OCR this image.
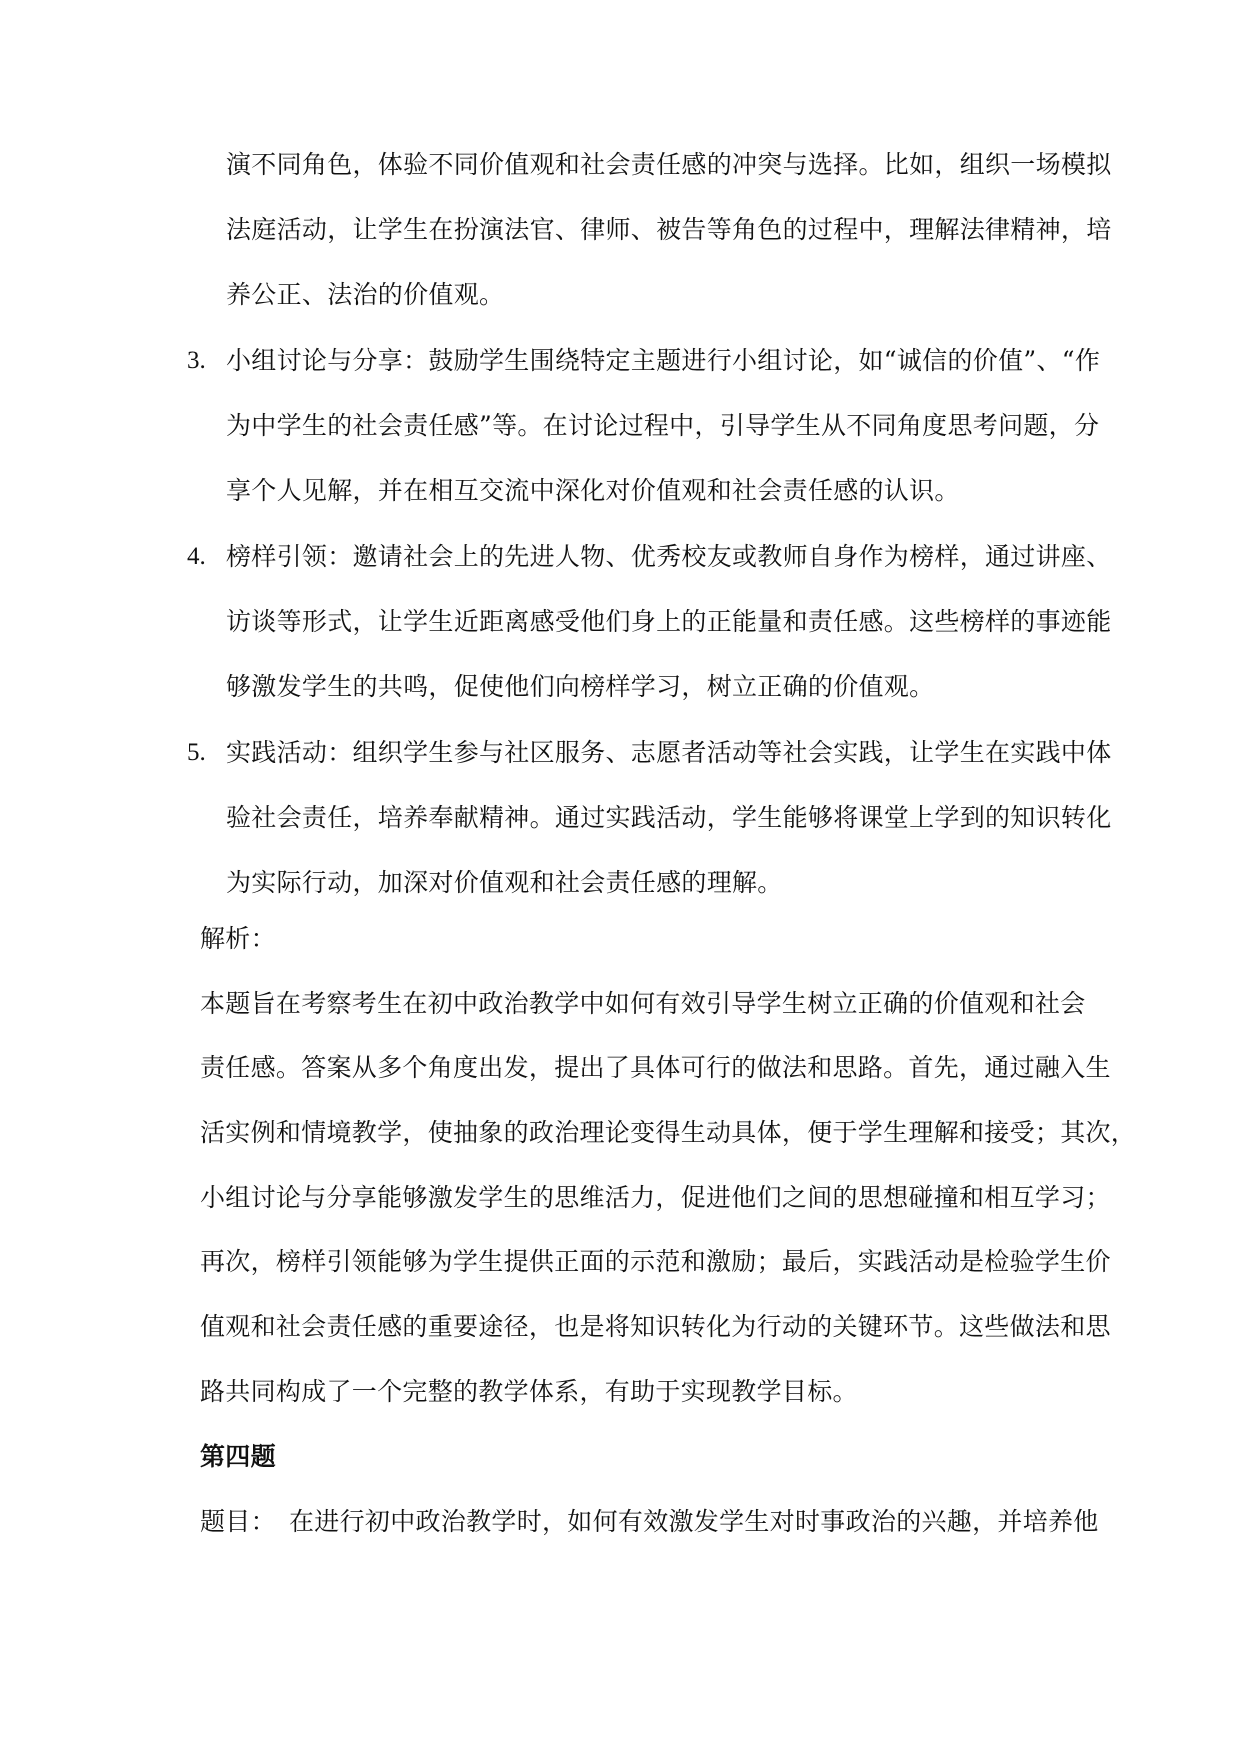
演不同角色，体验不同价值观和社会责任感的冲突与选择。比如，组织一场模拟
法庭活动，让学生在扮演法官、律师、被告等角色的过程中，理解法律精神，培
养公正、法治的价值观。
3. 小组讨论与分享：鼓励学生围绕特定主题进行小组讨论，如“诚信的价值”、“作
为中学生的社会责任感”等。在讨论过程中，引导学生从不同角度思考问题，分
享个人见解，并在相互交流中深化对价值观和社会责任感的认识。
4. 榜样引领：邀请社会上的先进人物、优秀校友或教师自身作为榜样，通过讲座、
访谈等形式，让学生近距离感受他们身上的正能量和责任感。这些榜样的事迹能
够激发学生的共鸣，促使他们向榜样学习，树立正确的价值观。
5. 实践活动：组织学生参与社区服务、志愿者活动等社会实践，让学生在实践中体
验社会责任，培养奉献精神。通过实践活动，学生能够将课堂上学到的知识转化
为实际行动，加深对价值观和社会责任感的理解。
解析：
本题旨在考察考生在初中政治教学中如何有效引导学生树立正确的价值观和社会
责任感。答案从多个角度出发，提出了具体可行的做法和思路。首先，通过融入生
活实例和情境教学，使抽象的政治理论变得生动具体，便于学生理解和接受；其次，
小组讨论与分享能够激发学生的思维活力，促进他们之间的思想碰撞和相互学习；
再次，榜样引领能够为学生提供正面的示范和激励；最后，实践活动是检验学生价
值观和社会责任感的重要途径，也是将知识转化为行动的关键环节。这些做法和思
路共同构成了一个完整的教学体系，有助于实现教学目标。
第四题
题目： 在进行初中政治教学时，如何有效激发学生对时事政治的兴趣，并培养他
